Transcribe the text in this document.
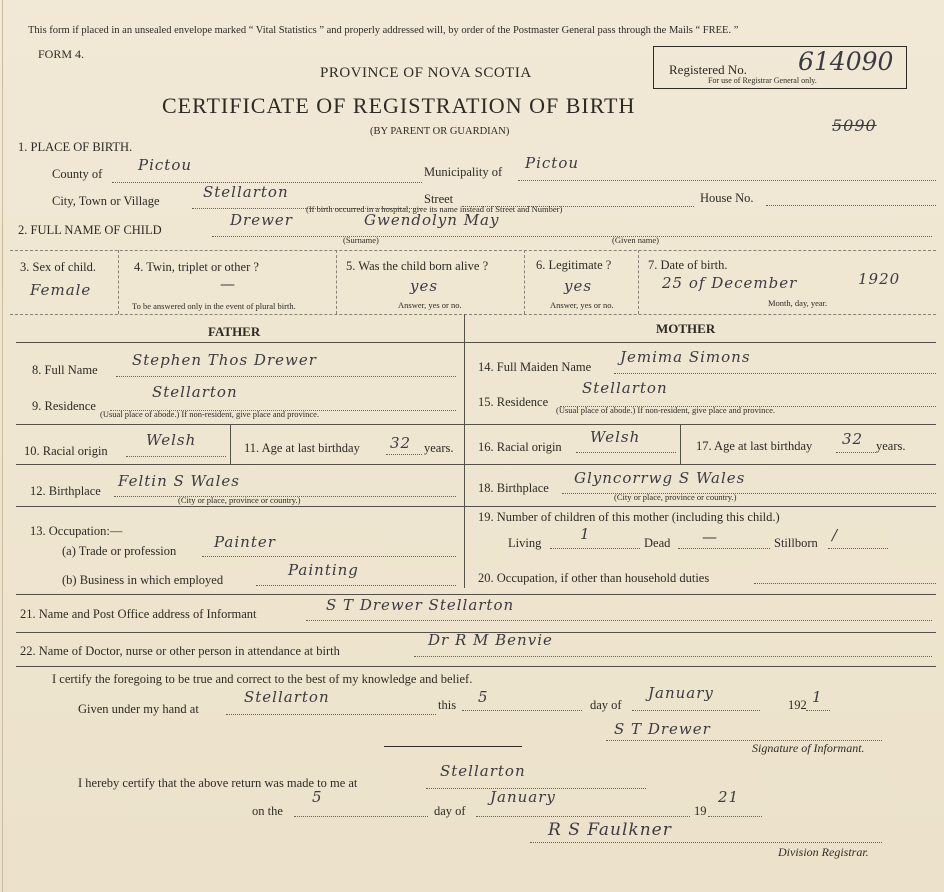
This form if placed in an unsealed envelope marked “ Vital Statistics ” and properly addressed will, by order of the Postmaster General pass through the Mails “ FREE. ”
FORM 4.
PROVINCE OF NOVA SCOTIA
CERTIFICATE OF REGISTRATION OF BIRTH
(BY PARENT OR GUARDIAN)
Registered No. 614090
For use of Registrar General only.
5090
1. PLACE OF BIRTH.
County of Pictou	Municipality of Pictou
City, Town or Village	Stellarton	Street
(If birth occurred in a hospital, give its name instead of Street and Number)
House No.
2. FULL NAME OF CHILD
Drewer	Gwendolyn May
(Surname)	(Given name)
3. Sex of child.
Female
4. Twin, triplet or other ?
—
To be answered only in the event of plural birth.
5. Was the child born alive ?
yes
Answer, yes or no.
6. Legitimate ?
yes
Answer, yes or no.
7. Date of birth.
25 of December	1920
Month, day, year.
FATHER	MOTHER
8. Full Name
Stephen Thos Drewer
9. Residence
Stellarton
(Usual place of abode.) If non-resident, give place and province.
10. Racial origin
Welsh	11. Age at last birthday 32 years.
12. Birthplace
Feltin S Wales
(City or place, province or country.)
13. Occupation:—
(a) Trade or profession	Painter
(b) Business in which employed
Painting
14. Full Maiden Name
Jemima Simons
15. Residence
Stellarton
(Usual place of abode.) If non-resident, give place and province.
16. Racial origin
Welsh	17. Age at last birthday 32 years.
18. Birthplace
Glyncorrwg S Wales
(City or place, province or country.)
19. Number of children of this mother (including this child.)
Living	1	Dead —	Stillborn /
20. Occupation, if other than household duties
21. Name and Post Office address of Informant	S T Drewer Stellarton
22. Name of Doctor, nurse or other person in attendance at birth
Dr R M Benvie
I certify the foregoing to be true and correct to the best of my knowledge and belief.
Given under my hand at
Stellarton	this 5	day of
January
192 1
S T Drewer
Signature of Informant.
I hereby certify that the above return was made to me at
Stellarton
on the
5
day of
January
19
21
R S Faulkner
Division Registrar.
